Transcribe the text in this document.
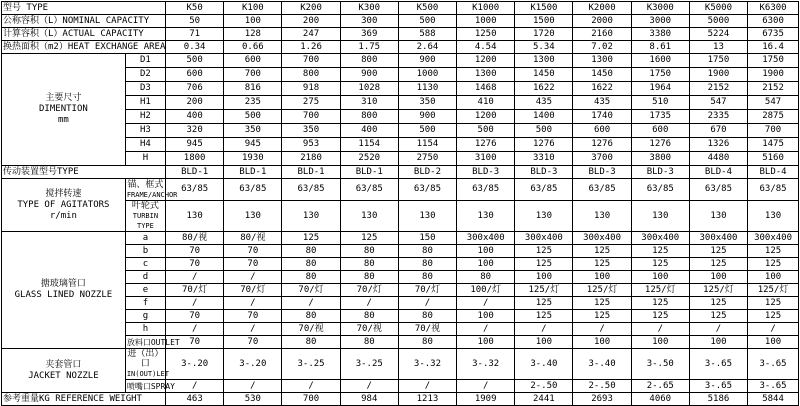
型号 TYPE		K50	K100	K200	K300	K500	K1000	K1500	K2000	K3000	K5000	K6300
公称容积（L）NOMINAL CAPACITY		50	100	200	300	500	1000	1500	2000	3000	5000	6300
计算容积（L）ACTUAL CAPACITY		71	128	247	369	588	1250	1720	2160	3380	5224	6735
换热面积（m2）HEAT EXCHANGE AREA		0.34	0.66	1.26	1.75	2.64	4.54	5.34	7.02	8.61	13	16.4
主要尺寸
DIMENTION
mm	D1	500	600	700	800	900	1200	1300	1300	1600	1750	1750
	D2	600	700	800	900	1000	1300	1450	1450	1750	1900	1900
	D3	706	816	918	1028	1130	1468	1622	1622	1964	2152	2152
	H1	200	235	275	310	350	410	435	435	510	547	547
	H2	400	500	700	800	900	1200	1400	1740	1735	2335	2875
	H3	320	350	350	400	500	500	500	600	600	670	700
	H4	945	945	953	1154	1154	1276	1276	1276	1276	1326	1475
	H	1800	1930	2180	2520	2750	3100	3310	3700	3800	4480	5160
传动装置型号TYPE		BLD-1	BLD-1	BLD-1	BLD-1	BLD-2	BLD-3	BLD-3	BLD-3	BLD-3	BLD-4	BLD-4
搅拌转速
TYPE OF AGITATORS
r/min	锚、框式
FRAME/ANCHOR	63/85	63/85	63/85	63/85	63/85	63/85	63/85	63/85	63/85	63/85	63/85
	叶轮式
TURBIN TYPE	130	130	130	130	130	130	130	130	130	130	130
搪玻璃管口
GLASS LINED NOZZLE	a	80/视	80/视	125	125	150	300x400	300x400	300x400	300x400	300x400	300x400
	b	70	70	80	80	80	100	125	125	125	125	125
	c	70	70	80	80	80	100	125	125	125	125	125
	d	/	/	80	80	80	80	100	100	100	100	100
	e	70/灯	70/灯	70/灯	70/灯	70/灯	100/灯	125/灯	125/灯	125/灯	125/灯	125/灯
	f	/	/	/	/	/	/	125	125	125	125	125
	g	70	70	80	80	80	100	125	125	125	125	125
	h	/	/	70/视	70/视	70/视	/	/	/	/	/	/
	放料口OUTLET	70	70	80	80	80	100	100	100	100	100	100
夹套管口
JACKET NOZZLE	进（出）口
IN(OUT)LET	3-.20	3-.20	3-.25	3-.25	3-.32	3-.32	3-.40	3-.40	3-.50	3-.65	3-.65
	喷嘴口SPRAY	/	/	/	/	/	/	2-.50	2-.50	2-.65	3-.65	3-.65
参考重量KG REFERENCE WEIGHT		463	530	700	984	1213	1909	2441	2693	4060	5186	5844
